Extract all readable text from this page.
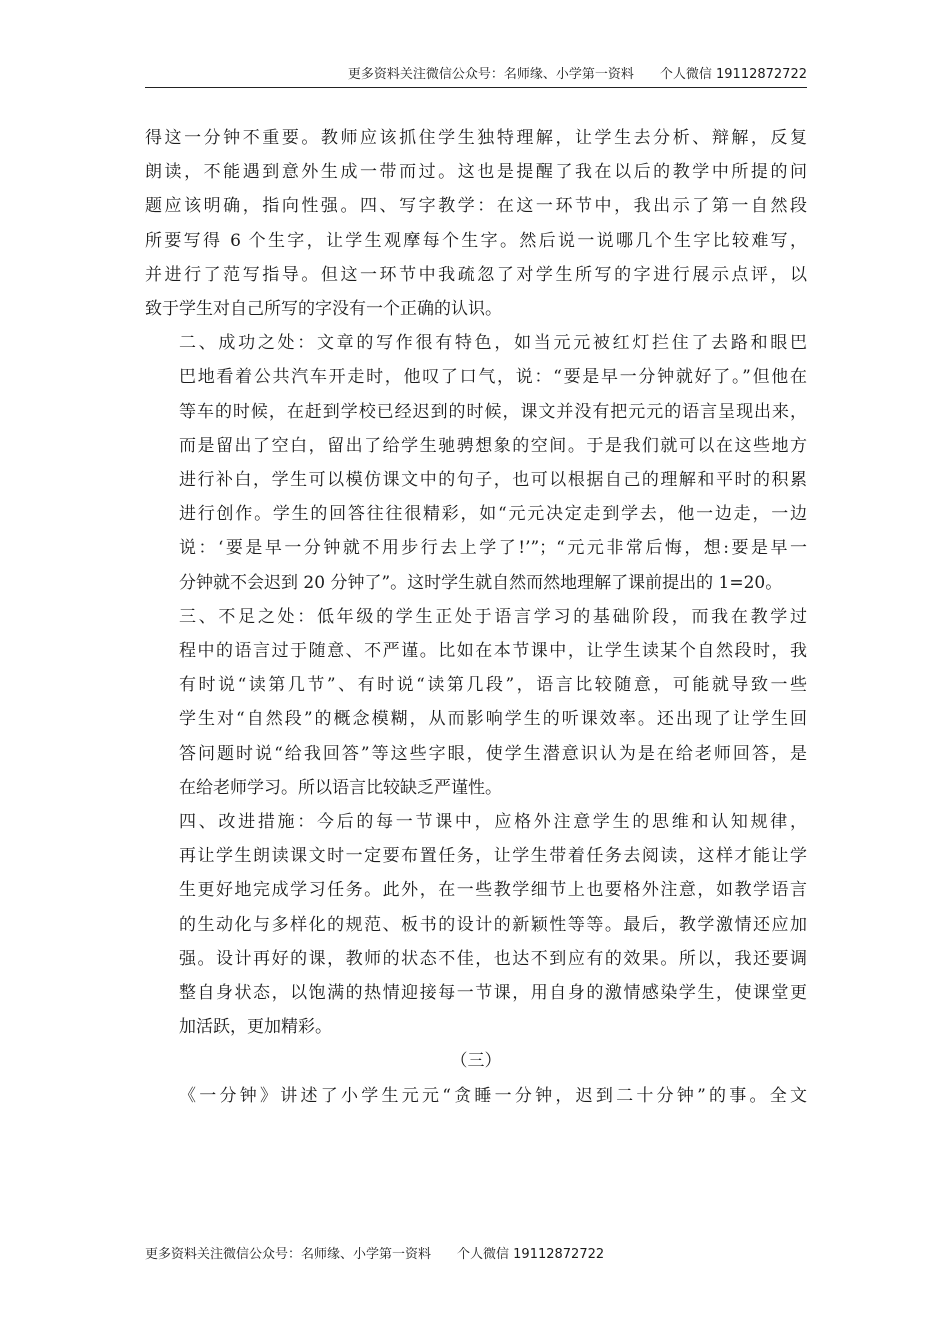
更多资料关注微信公众号：名师缘、小学第一资料 个人微信 19112872722

得这一分钟不重要。教师应该抓住学生独特理解，让学生去分析、辩解，反复
朗读，不能遇到意外生成一带而过。这也是提醒了我在以后的教学中所提的问
题应该明确，指向性强。四、写字教学：在这一环节中，我出示了第一自然段
所要写得 6 个生字，让学生观摩每个生字。然后说一说哪几个生字比较难写，
并进行了范写指导。但这一环节中我疏忽了对学生所写的字进行展示点评，以
致于学生对自己所写的字没有一个正确的认识。

二、成功之处：文章的写作很有特色，如当元元被红灯拦住了去路和眼巴
巴地看着公共汽车开走时，他叹了口气，说：“要是早一分钟就好了。”但他在
等车的时候，在赶到学校已经迟到的时候，课文并没有把元元的语言呈现出来，
而是留出了空白，留出了给学生驰骋想象的空间。于是我们就可以在这些地方
进行补白，学生可以模仿课文中的句子，也可以根据自己的理解和平时的积累
进行创作。学生的回答往往很精彩，如“元元决定走到学去，他一边走，一边
说：‘要是早一分钟就不用步行去上学了!’”；“元元非常后悔，想:要是早一
分钟就不会迟到 20 分钟了”。这时学生就自然而然地理解了课前提出的 1=20。

三、不足之处：低年级的学生正处于语言学习的基础阶段，而我在教学过
程中的语言过于随意、不严谨。比如在本节课中，让学生读某个自然段时，我
有时说“读第几节”、有时说“读第几段”，语言比较随意，可能就导致一些
学生对“自然段”的概念模糊，从而影响学生的听课效率。还出现了让学生回
答问题时说“给我回答”等这些字眼，使学生潜意识认为是在给老师回答，是
在给老师学习。所以语言比较缺乏严谨性。

四、改进措施：今后的每一节课中，应格外注意学生的思维和认知规律，
再让学生朗读课文时一定要布置任务，让学生带着任务去阅读，这样才能让学
生更好地完成学习任务。此外，在一些教学细节上也要格外注意，如教学语言
的生动化与多样化的规范、板书的设计的新颖性等等。最后，教学激情还应加
强。设计再好的课，教师的状态不佳，也达不到应有的效果。所以，我还要调
整自身状态，以饱满的热情迎接每一节课，用自身的激情感染学生，使课堂更
加活跃，更加精彩。

（三）

《一分钟》讲述了小学生元元“贪睡一分钟，迟到二十分钟”的事。全文

更多资料关注微信公众号：名师缘、小学第一资料 个人微信 19112872722
